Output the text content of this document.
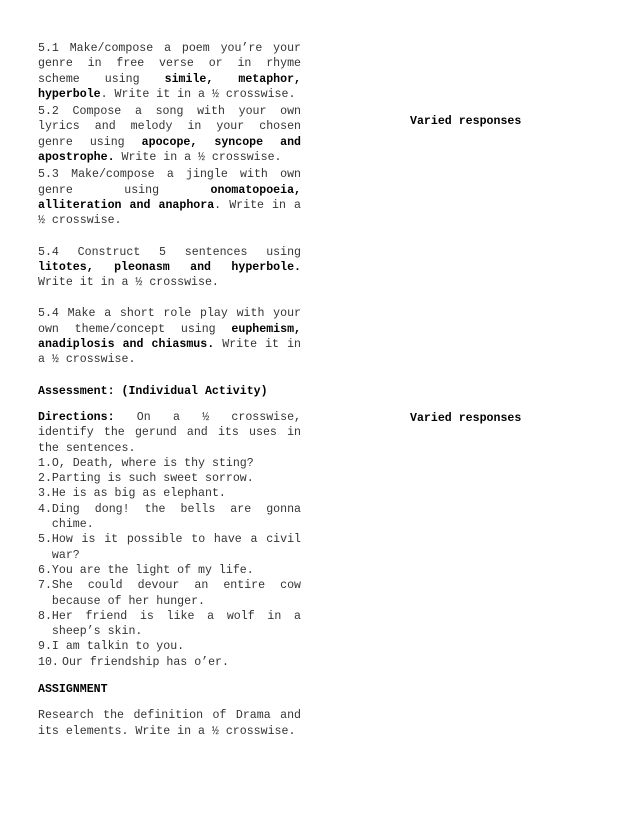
5.1 Make/compose a poem you’re your genre in free verse or in rhyme scheme using simile, metaphor, hyperbole. Write it in a ½ crosswise.
5.2 Compose a song with your own lyrics and melody in your chosen genre using apocope, syncope and apostrophe. Write in a ½ crosswise.
5.3 Make/compose a jingle with own genre using onomatopoeia, alliteration and anaphora. Write in a ½ crosswise.
5.4 Construct 5 sentences using litotes, pleonasm and hyperbole. Write it in a ½ crosswise.
5.4 Make a short role play with your own theme/concept using euphemism, anadiplosis and chiasmus. Write it in a ½ crosswise.
Assessment: (Individual Activity)
Directions: On a ½ crosswise, identify the gerund and its uses in the sentences.
1. O, Death, where is thy sting?
2. Parting is such sweet sorrow.
3. He is as big as elephant.
4. Ding dong! the bells are gonna chime.
5. How is it possible to have a civil war?
6. You are the light of my life.
7. She could devour an entire cow because of her hunger.
8. Her friend is like a wolf in a sheep’s skin.
9. I am talkin to you.
10. Our friendship has o’er.
ASSIGNMENT
Research the definition of Drama and its elements. Write in a ½ crosswise.
Varied responses
Varied responses
